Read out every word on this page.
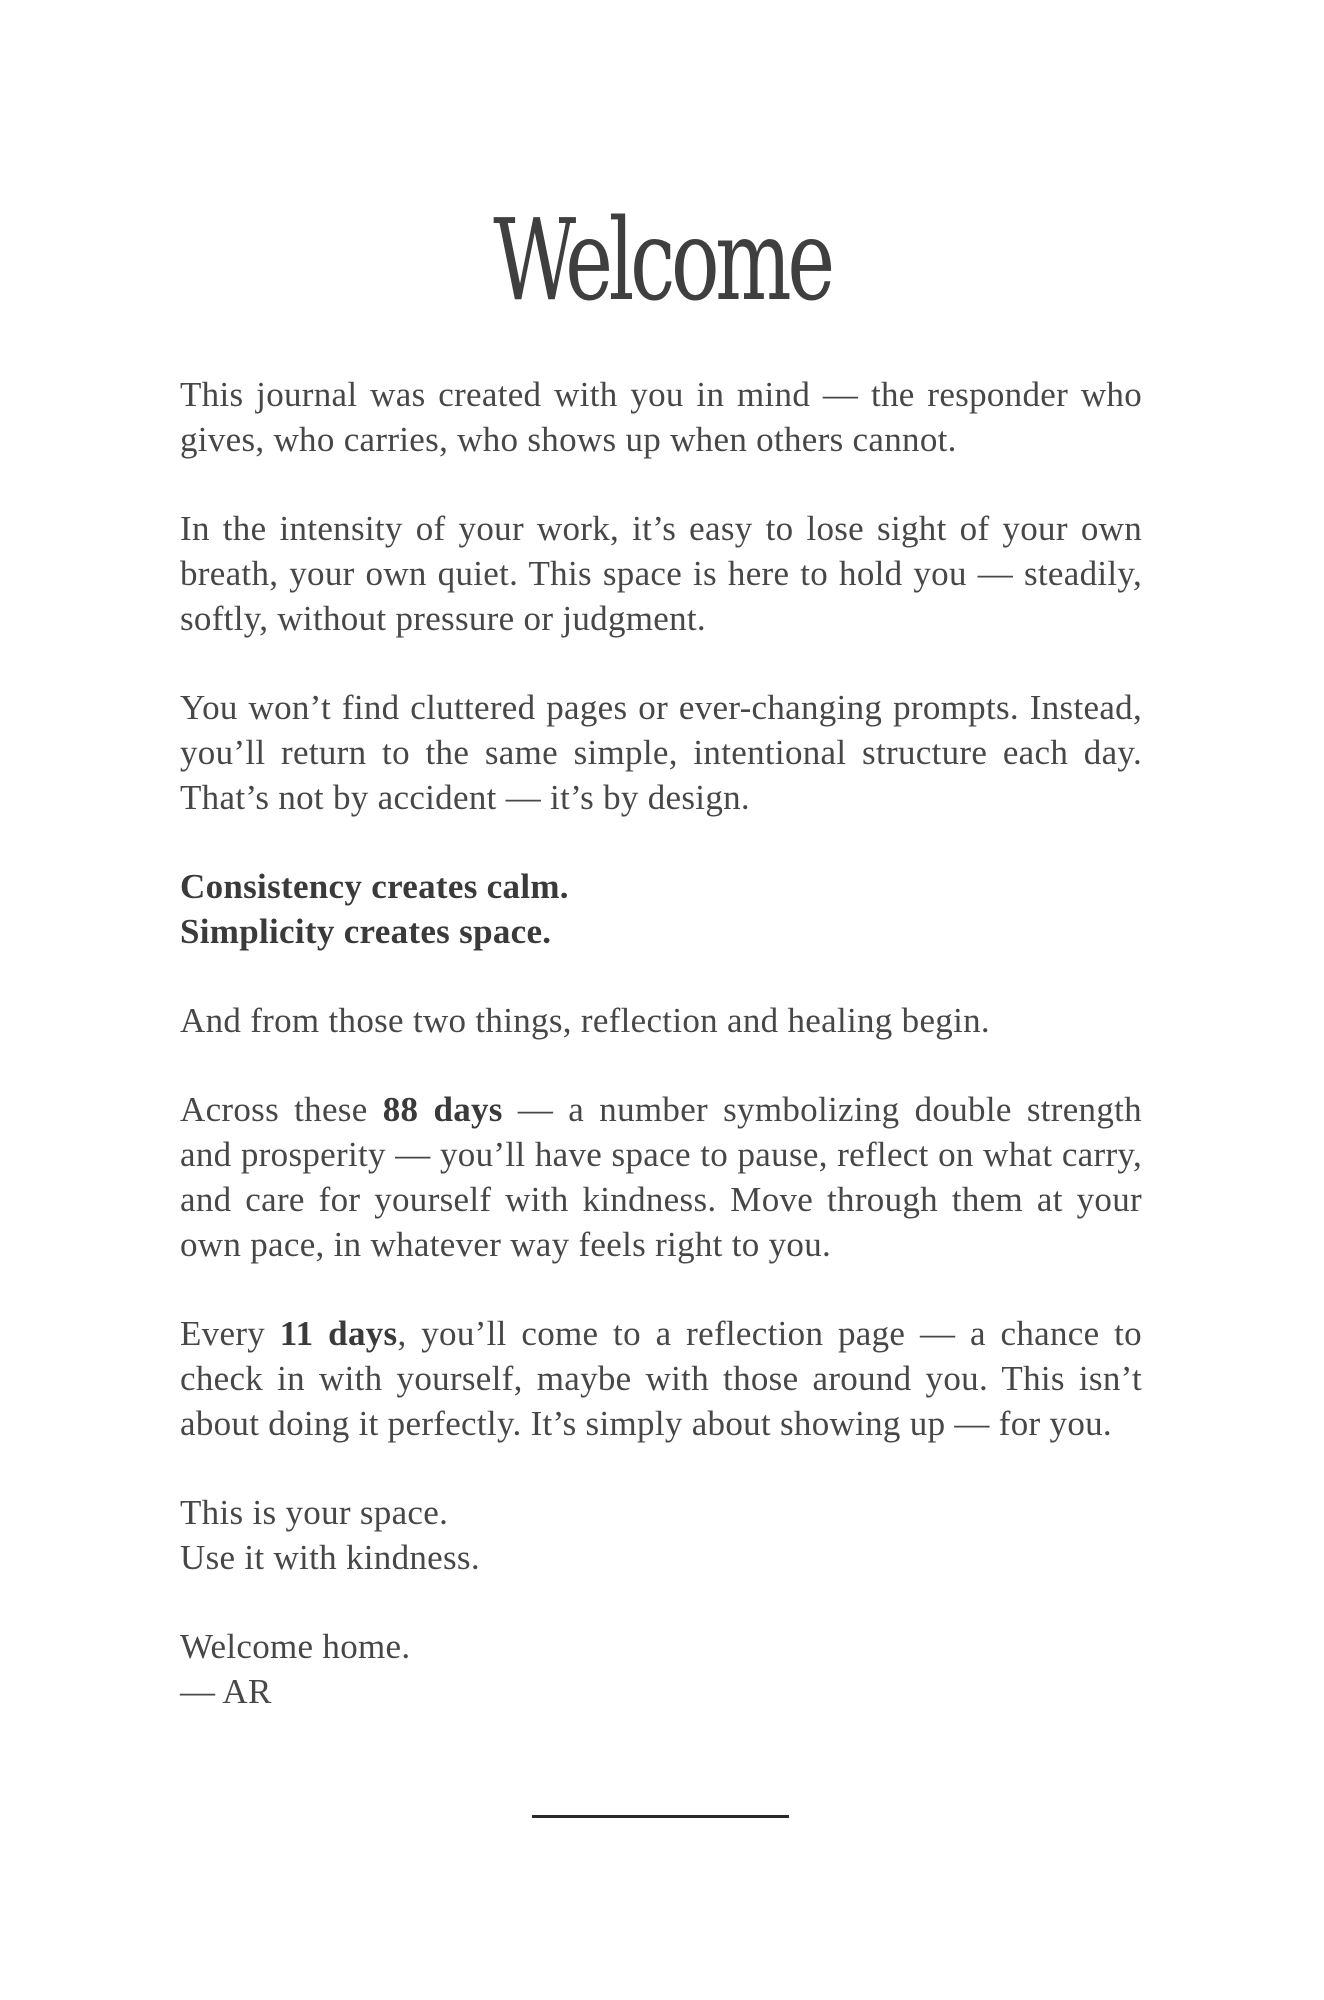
Welcome

This journal was created with you in mind — the responder who gives, who carries, who shows up when others cannot.

In the intensity of your work, it’s easy to lose sight of your own breath, your own quiet. This space is here to hold you — steadily, softly, without pressure or judgment.

You won’t find cluttered pages or ever-changing prompts. Instead, you’ll return to the same simple, intentional structure each day. That’s not by accident — it’s by design.

Consistency creates calm.
Simplicity creates space.

And from those two things, reflection and healing begin.

Across these 88 days — a number symbolizing double strength and prosperity — you’ll have space to pause, reflect on what carry, and care for yourself with kindness. Move through them at your own pace, in whatever way feels right to you.

Every 11 days, you’ll come to a reflection page — a chance to check in with yourself, maybe with those around you. This isn’t about doing it perfectly. It’s simply about showing up — for you.

This is your space.
Use it with kindness.

Welcome home.
— AR
